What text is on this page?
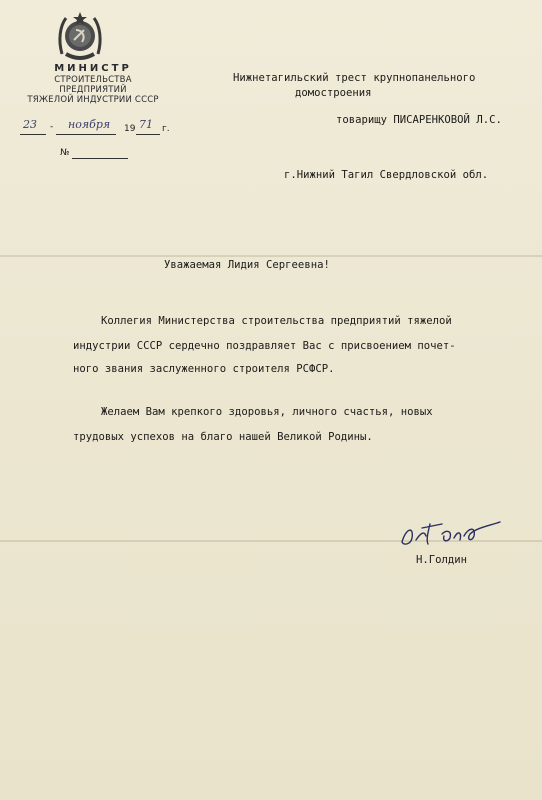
МИНИСТР
СТРОИТЕЛЬСТВА ПРЕДПРИЯТИЙ
ТЯЖЕЛОЙ ИНДУСТРИИ СССР
23 - ноября 19 71 г.
№
Нижнетагильский трест крупнопанельного
домостроения
товарищу ПИСАРЕНКОВОЙ Л.С.
г.Нижний Тагил Свердловской обл.
Уважаемая Лидия Сергеевна!
Коллегия Министерства строительства предприятий тяжелой
индустрии СССР сердечно поздравляет Вас с присвоением почет-
ного звания заслуженного строителя РСФСР.
Желаем Вам крепкого здоровья, личного счастья, новых
трудовых успехов на благо нашей Великой Родины.
Н.Голдин
